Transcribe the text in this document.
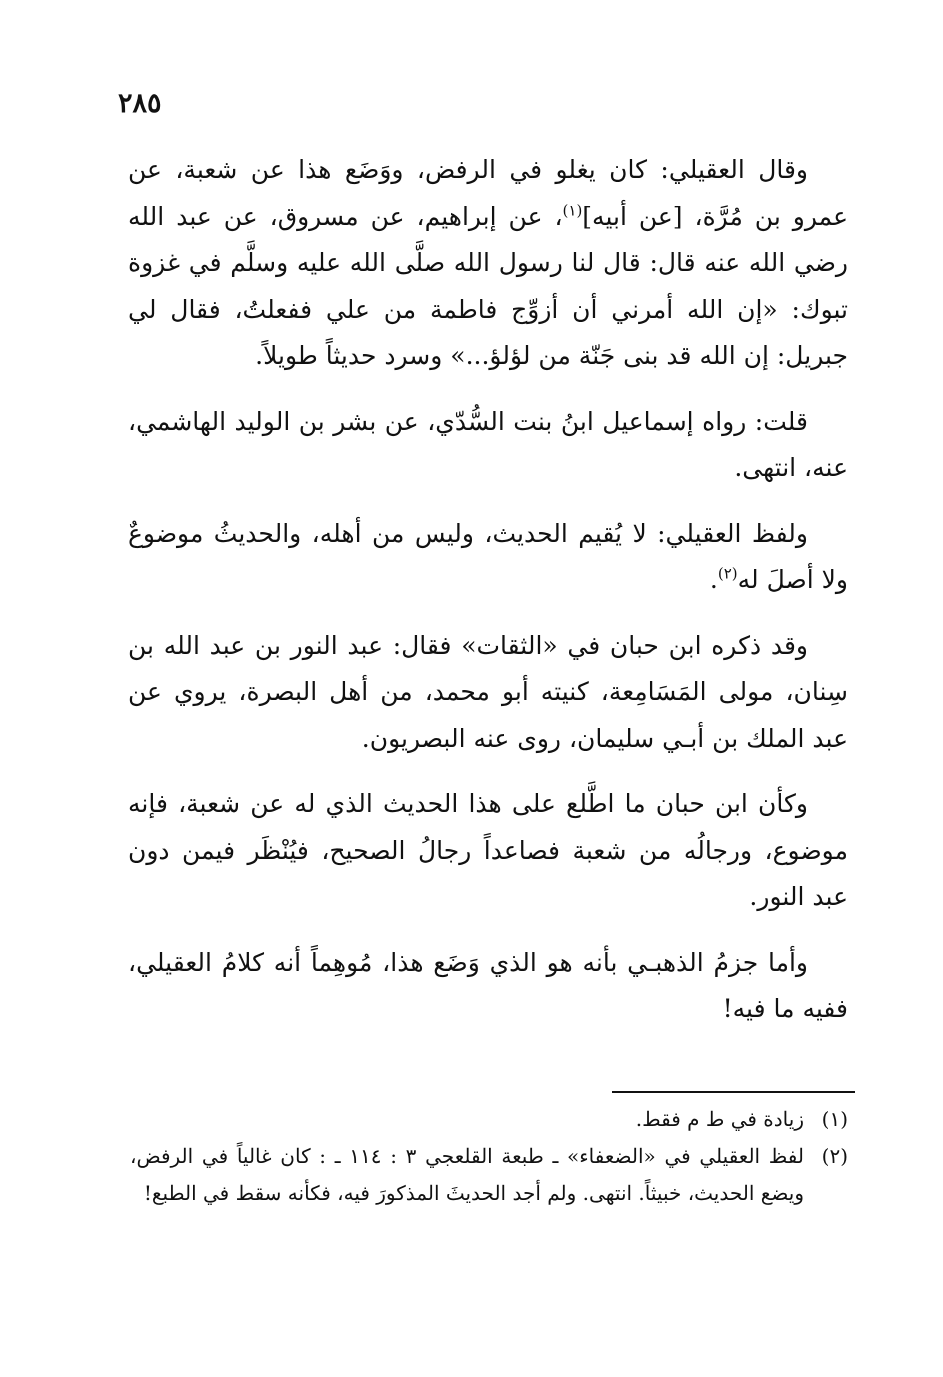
٢٨٥

وقال العقيلي: كان يغلو في الرفض، ووَضَع هذا عن شعبة، عن عمرو بن مُرَّة، [عن أبيه]$^{(١)}$، عن إبراهيم، عن مسروق، عن عبد الله رضي الله عنه قال: قال لنا رسول الله صلَّى الله عليه وسلَّم في غزوة تبوك: «إن الله أمرني أن أزوِّج فاطمة من علي ففعلتُ، فقال لي جبريل: إن الله قد بنى جَنّة من لؤلؤ...» وسرد حديثاً طويلاً.

قلت: رواه إسماعيل ابنُ بنت السُّدّي، عن بشر بن الوليد الهاشمي، عنه، انتهى.

ولفظ العقيلي: لا يُقيم الحديث، وليس من أهله، والحديثُ موضوعٌ ولا أصلَ له$^{(٢)}$.

وقد ذكره ابن حبان في «الثقات» فقال: عبد النور بن عبد الله بن سِنان، مولى المَسَامِعة، كنيته أبو محمد، من أهل البصرة، يروي عن عبد الملك بن أبـي سليمان، روى عنه البصريون.

وكأن ابن حبان ما اطَّلع على هذا الحديث الذي له عن شعبة، فإنه موضوع، ورجالُه من شعبة فصاعداً رجالُ الصحيح، فيُنْظَر فيمن دون عبد النور.

وأما جزمُ الذهبـي بأنه هو الذي وَضَع هذا، مُوهِماً أنه كلامُ العقيلي، ففيه ما فيه!

(١)
زيادة في ط م فقط.
(٢)
لفظ العقيلي في «الضعفاء» ـ طبعة القلعجي ٣ : ١١٤ ـ : كان غالياً في الرفض، ويضع الحديث، خبيثاً. انتهى. ولم أجد الحديثَ المذكورَ فيه، فكأنه سقط في الطبع!
